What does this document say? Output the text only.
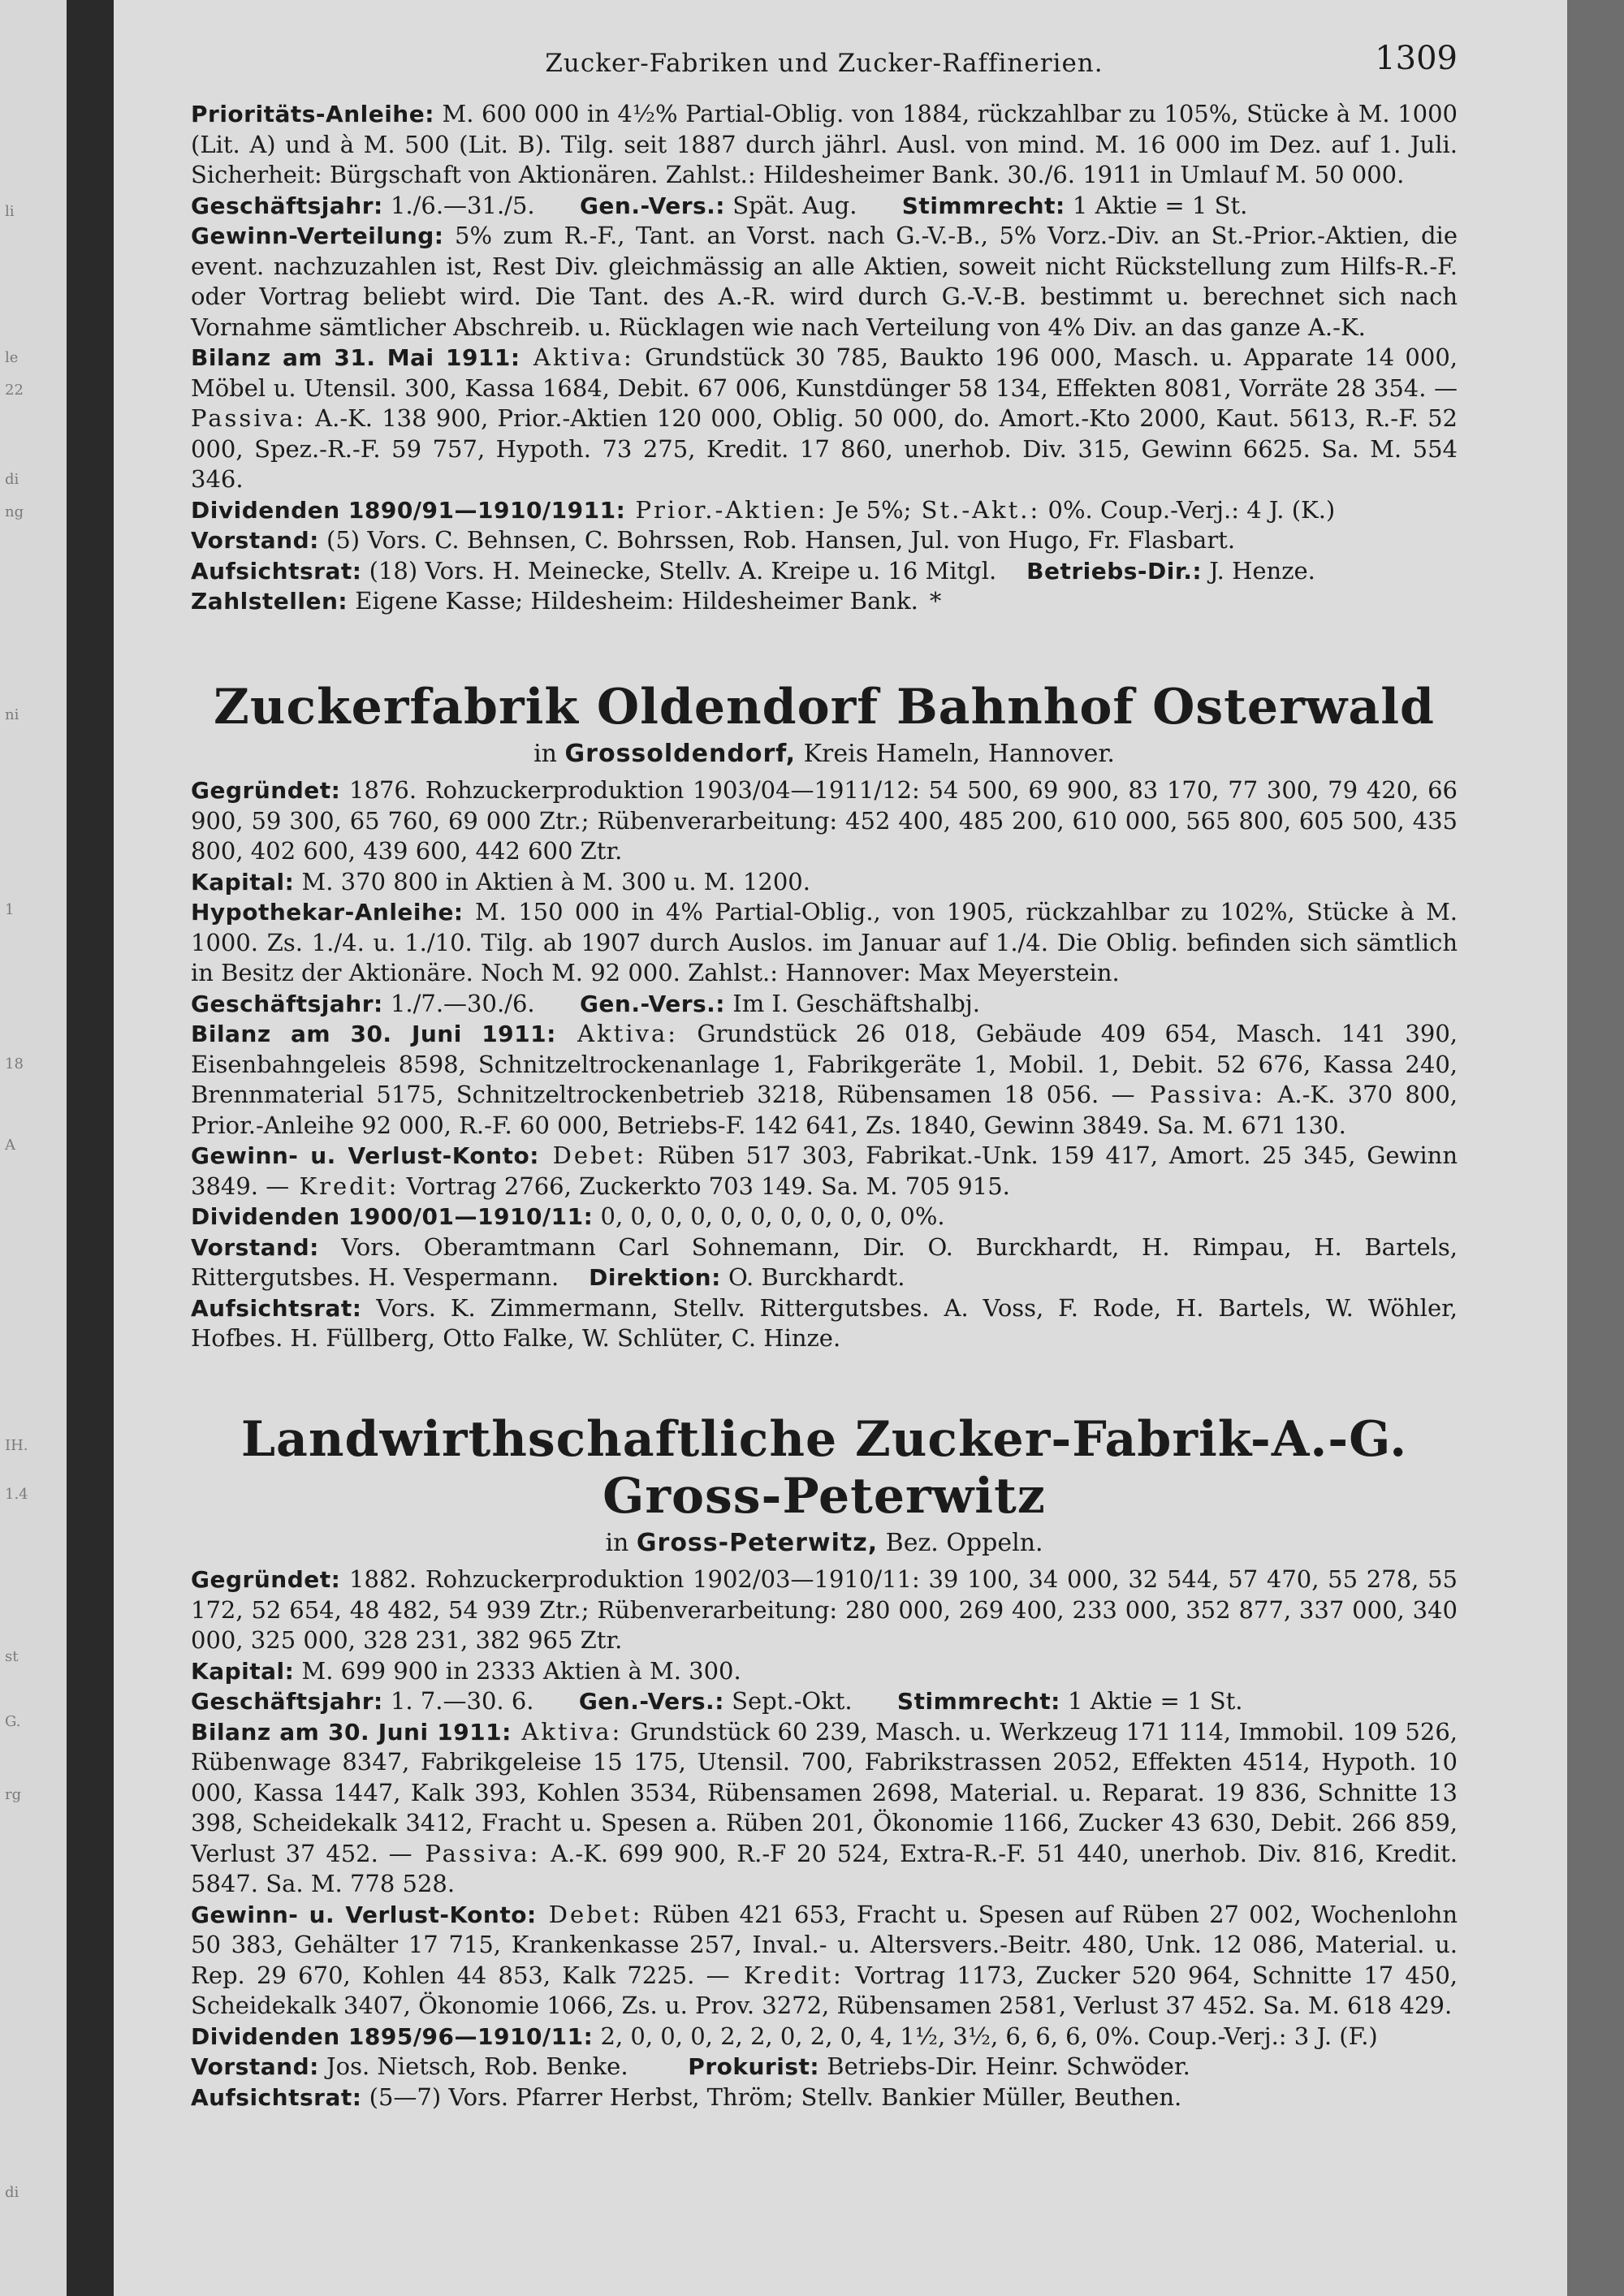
li
le
22
di
ng
ni
1
18
A
IH.
1.4
st
G.
rg
di
Zucker-Fabriken und Zucker-Raffinerien.	1309

Prioritäts-Anleihe: M. 600 000 in 4½% Partial-Oblig. von 1884, rückzahlbar zu 105%, Stücke à M. 1000 (Lit. A) und à M. 500 (Lit. B). Tilg. seit 1887 durch jährl. Ausl. von mind. M. 16 000 im Dez. auf 1. Juli. Sicherheit: Bürgschaft von Aktionären. Zahlst.: Hildesheimer Bank. 30./6. 1911 in Umlauf M. 50 000.

Geschäftsjahr: 1./6.—31./5. Gen.-Vers.: Spät. Aug. Stimmrecht: 1 Aktie = 1 St.

Gewinn-Verteilung: 5% zum R.-F., Tant. an Vorst. nach G.-V.-B., 5% Vorz.-Div. an St.-Prior.-Aktien, die event. nachzuzahlen ist, Rest Div. gleichmässig an alle Aktien, soweit nicht Rückstellung zum Hilfs-R.-F. oder Vortrag beliebt wird. Die Tant. des A.-R. wird durch G.-V.-B. bestimmt u. berechnet sich nach Vornahme sämtlicher Abschreib. u. Rücklagen wie nach Verteilung von 4% Div. an das ganze A.-K.

Bilanz am 31. Mai 1911: Aktiva: Grundstück 30 785, Baukto 196 000, Masch. u. Apparate 14 000, Möbel u. Utensil. 300, Kassa 1684, Debit. 67 006, Kunstdünger 58 134, Effekten 8081, Vorräte 28 354. — Passiva: A.-K. 138 900, Prior.-Aktien 120 000, Oblig. 50 000, do. Amort.-Kto 2000, Kaut. 5613, R.-F. 52 000, Spez.-R.-F. 59 757, Hypoth. 73 275, Kredit. 17 860, unerhob. Div. 315, Gewinn 6625. Sa. M. 554 346.

Dividenden 1890/91—1910/1911: Prior.-Aktien: Je 5%; St.-Akt.: 0%. Coup.-Verj.: 4 J. (K.)

Vorstand: (5) Vors. C. Behnsen, C. Bohrssen, Rob. Hansen, Jul. von Hugo, Fr. Flasbart.

Aufsichtsrat: (18) Vors. H. Meinecke, Stellv. A. Kreipe u. 16 Mitgl. Betriebs-Dir.: J. Henze.

Zahlstellen: Eigene Kasse; Hildesheim: Hildesheimer Bank. *

Zuckerfabrik Oldendorf Bahnhof Osterwald
in Grossoldendorf, Kreis Hameln, Hannover.

Gegründet: 1876. Rohzuckerproduktion 1903/04—1911/12: 54 500, 69 900, 83 170, 77 300, 79 420, 66 900, 59 300, 65 760, 69 000 Ztr.; Rübenverarbeitung: 452 400, 485 200, 610 000, 565 800, 605 500, 435 800, 402 600, 439 600, 442 600 Ztr.

Kapital: M. 370 800 in Aktien à M. 300 u. M. 1200.

Hypothekar-Anleihe: M. 150 000 in 4% Partial-Oblig., von 1905, rückzahlbar zu 102%, Stücke à M. 1000. Zs. 1./4. u. 1./10. Tilg. ab 1907 durch Auslos. im Januar auf 1./4. Die Oblig. befinden sich sämtlich in Besitz der Aktionäre. Noch M. 92 000. Zahlst.: Hannover: Max Meyerstein.

Geschäftsjahr: 1./7.—30./6. Gen.-Vers.: Im I. Geschäftshalbj.

Bilanz am 30. Juni 1911: Aktiva: Grundstück 26 018, Gebäude 409 654, Masch. 141 390, Eisenbahngeleis 8598, Schnitzeltrockenanlage 1, Fabrikgeräte 1, Mobil. 1, Debit. 52 676, Kassa 240, Brennmaterial 5175, Schnitzeltrockenbetrieb 3218, Rübensamen 18 056. — Passiva: A.-K. 370 800, Prior.-Anleihe 92 000, R.-F. 60 000, Betriebs-F. 142 641, Zs. 1840, Gewinn 3849. Sa. M. 671 130.

Gewinn- u. Verlust-Konto: Debet: Rüben 517 303, Fabrikat.-Unk. 159 417, Amort. 25 345, Gewinn 3849. — Kredit: Vortrag 2766, Zuckerkto 703 149. Sa. M. 705 915.

Dividenden 1900/01—1910/11: 0, 0, 0, 0, 0, 0, 0, 0, 0, 0, 0%.

Vorstand: Vors. Oberamtmann Carl Sohnemann, Dir. O. Burckhardt, H. Rimpau, H. Bartels, Rittergutsbes. H. Vespermann. Direktion: O. Burckhardt.

Aufsichtsrat: Vors. K. Zimmermann, Stellv. Rittergutsbes. A. Voss, F. Rode, H. Bartels, W. Wöhler, Hofbes. H. Füllberg, Otto Falke, W. Schlüter, C. Hinze.

Landwirthschaftliche Zucker-Fabrik-A.-G. Gross-Peterwitz
in Gross-Peterwitz, Bez. Oppeln.

Gegründet: 1882. Rohzuckerproduktion 1902/03—1910/11: 39 100, 34 000, 32 544, 57 470, 55 278, 55 172, 52 654, 48 482, 54 939 Ztr.; Rübenverarbeitung: 280 000, 269 400, 233 000, 352 877, 337 000, 340 000, 325 000, 328 231, 382 965 Ztr.

Kapital: M. 699 900 in 2333 Aktien à M. 300.

Geschäftsjahr: 1. 7.—30. 6. Gen.-Vers.: Sept.-Okt. Stimmrecht: 1 Aktie = 1 St.

Bilanz am 30. Juni 1911: Aktiva: Grundstück 60 239, Masch. u. Werkzeug 171 114, Immobil. 109 526, Rübenwage 8347, Fabrikgeleise 15 175, Utensil. 700, Fabrikstrassen 2052, Effekten 4514, Hypoth. 10 000, Kassa 1447, Kalk 393, Kohlen 3534, Rübensamen 2698, Material. u. Reparat. 19 836, Schnitte 13 398, Scheidekalk 3412, Fracht u. Spesen a. Rüben 201, Ökonomie 1166, Zucker 43 630, Debit. 266 859, Verlust 37 452. — Passiva: A.-K. 699 900, R.-F 20 524, Extra-R.-F. 51 440, unerhob. Div. 816, Kredit. 5847. Sa. M. 778 528.

Gewinn- u. Verlust-Konto: Debet: Rüben 421 653, Fracht u. Spesen auf Rüben 27 002, Wochenlohn 50 383, Gehälter 17 715, Krankenkasse 257, Inval.- u. Altersvers.-Beitr. 480, Unk. 12 086, Material. u. Rep. 29 670, Kohlen 44 853, Kalk 7225. — Kredit: Vortrag 1173, Zucker 520 964, Schnitte 17 450, Scheidekalk 3407, Ökonomie 1066, Zs. u. Prov. 3272, Rübensamen 2581, Verlust 37 452. Sa. M. 618 429.

Dividenden 1895/96—1910/11: 2, 0, 0, 0, 2, 2, 0, 2, 0, 4, 1½, 3½, 6, 6, 6, 0%. Coup.-Verj.: 3 J. (F.)

Vorstand: Jos. Nietsch, Rob. Benke.	Prokurist: Betriebs-Dir. Heinr. Schwöder.

Aufsichtsrat: (5—7) Vors. Pfarrer Herbst, Thröm; Stellv. Bankier Müller, Beuthen.
